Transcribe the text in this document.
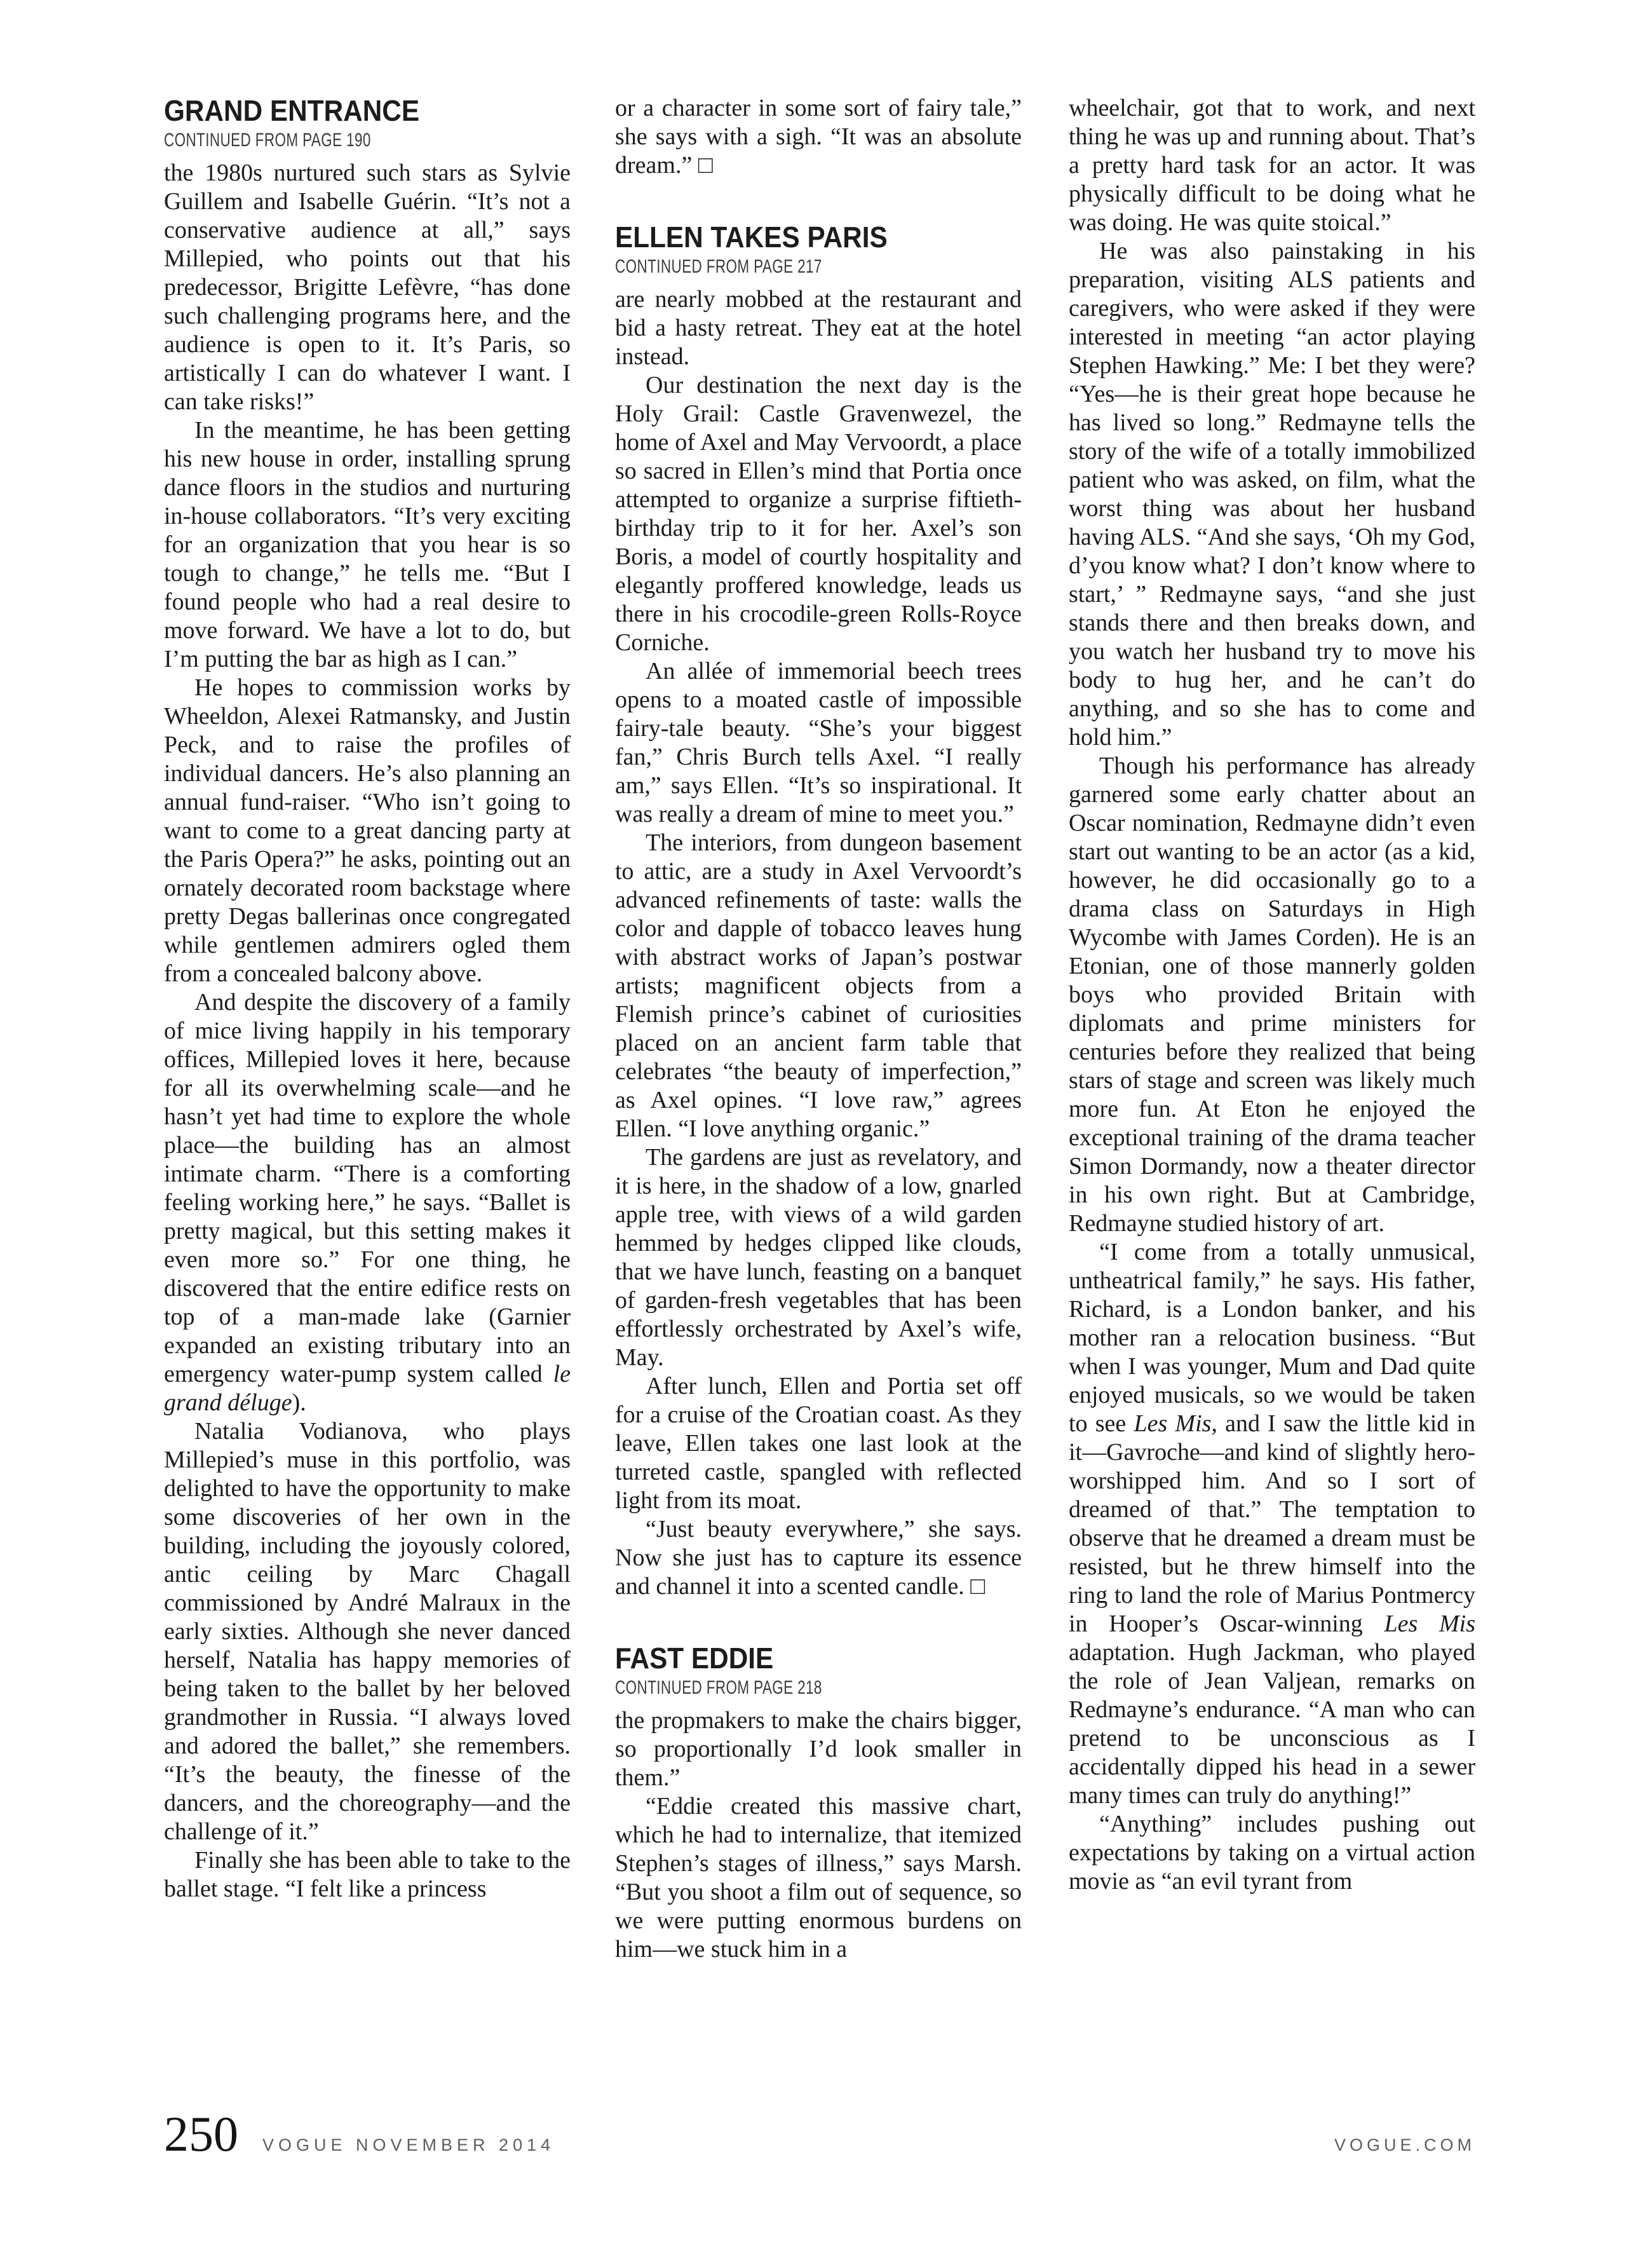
GRAND ENTRANCE
CONTINUED FROM PAGE 190

the 1980s nurtured such stars as Sylvie Guillem and Isabelle Guérin. “It’s not a conservative audience at all,” says Millepied, who points out that his predecessor, Brigitte Lefèvre, “has done such challenging programs here, and the audience is open to it. It’s Paris, so artistically I can do whatever I want. I can take risks!”

In the meantime, he has been getting his new house in order, installing sprung dance floors in the studios and nurturing in-house collaborators. “It’s very exciting for an organization that you hear is so tough to change,” he tells me. “But I found people who had a real desire to move forward. We have a lot to do, but I’m putting the bar as high as I can.”

He hopes to commission works by Wheeldon, Alexei Ratmansky, and Justin Peck, and to raise the profiles of individual dancers. He’s also planning an annual fund-raiser. “Who isn’t going to want to come to a great dancing party at the Paris Opera?” he asks, pointing out an ornately decorated room backstage where pretty Degas ballerinas once congregated while gentlemen admirers ogled them from a concealed balcony above.

And despite the discovery of a family of mice living happily in his temporary offices, Millepied loves it here, because for all its overwhelming scale—and he hasn’t yet had time to explore the whole place—the building has an almost intimate charm. “There is a comforting feeling working here,” he says. “Ballet is pretty magical, but this setting makes it even more so.” For one thing, he discovered that the entire edifice rests on top of a man-made lake (Garnier expanded an existing tributary into an emergency water-pump system called le grand déluge).

Natalia Vodianova, who plays Millepied’s muse in this portfolio, was delighted to have the opportunity to make some discoveries of her own in the building, including the joyously colored, antic ceiling by Marc Chagall commissioned by André Malraux in the early sixties. Although she never danced herself, Natalia has happy memories of being taken to the ballet by her beloved grandmother in Russia. “I always loved and adored the ballet,” she remembers. “It’s the beauty, the finesse of the dancers, and the choreography—and the challenge of it.”

Finally she has been able to take to the ballet stage. “I felt like a princess

or a character in some sort of fairy tale,” she says with a sigh. “It was an absolute dream.” □

ELLEN TAKES PARIS
CONTINUED FROM PAGE 217

are nearly mobbed at the restaurant and bid a hasty retreat. They eat at the hotel instead.

Our destination the next day is the Holy Grail: Castle Gravenwezel, the home of Axel and May Vervoordt, a place so sacred in Ellen’s mind that Portia once attempted to organize a surprise fiftieth-birthday trip to it for her. Axel’s son Boris, a model of courtly hospitality and elegantly proffered knowledge, leads us there in his crocodile-green Rolls-Royce Corniche.

An allée of immemorial beech trees opens to a moated castle of impossible fairy-tale beauty. “She’s your biggest fan,” Chris Burch tells Axel. “I really am,” says Ellen. “It’s so inspirational. It was really a dream of mine to meet you.”

The interiors, from dungeon basement to attic, are a study in Axel Vervoordt’s advanced refinements of taste: walls the color and dapple of tobacco leaves hung with abstract works of Japan’s postwar artists; magnificent objects from a Flemish prince’s cabinet of curiosities placed on an ancient farm table that celebrates “the beauty of imperfection,” as Axel opines. “I love raw,” agrees Ellen. “I love anything organic.”

The gardens are just as revelatory, and it is here, in the shadow of a low, gnarled apple tree, with views of a wild garden hemmed by hedges clipped like clouds, that we have lunch, feasting on a banquet of garden-fresh vegetables that has been effortlessly orchestrated by Axel’s wife, May.

After lunch, Ellen and Portia set off for a cruise of the Croatian coast. As they leave, Ellen takes one last look at the turreted castle, spangled with reflected light from its moat.

“Just beauty everywhere,” she says. Now she just has to capture its essence and channel it into a scented candle. □

FAST EDDIE
CONTINUED FROM PAGE 218

the propmakers to make the chairs bigger, so proportionally I’d look smaller in them.”

“Eddie created this massive chart, which he had to internalize, that itemized Stephen’s stages of illness,” says Marsh. “But you shoot a film out of sequence, so we were putting enormous burdens on him—we stuck him in a

wheelchair, got that to work, and next thing he was up and running about. That’s a pretty hard task for an actor. It was physically difficult to be doing what he was doing. He was quite stoical.”

He was also painstaking in his preparation, visiting ALS patients and caregivers, who were asked if they were interested in meeting “an actor playing Stephen Hawking.” Me: I bet they were? “Yes—he is their great hope because he has lived so long.” Redmayne tells the story of the wife of a totally immobilized patient who was asked, on film, what the worst thing was about her husband having ALS. “And she says, ‘Oh my God, d’you know what? I don’t know where to start,’ ” Redmayne says, “and she just stands there and then breaks down, and you watch her husband try to move his body to hug her, and he can’t do anything, and so she has to come and hold him.”

Though his performance has already garnered some early chatter about an Oscar nomination, Redmayne didn’t even start out wanting to be an actor (as a kid, however, he did occasionally go to a drama class on Saturdays in High Wycombe with James Corden). He is an Etonian, one of those mannerly golden boys who provided Britain with diplomats and prime ministers for centuries before they realized that being stars of stage and screen was likely much more fun. At Eton he enjoyed the exceptional training of the drama teacher Simon Dormandy, now a theater director in his own right. But at Cambridge, Redmayne studied history of art.

“I come from a totally unmusical, untheatrical family,” he says. His father, Richard, is a London banker, and his mother ran a relocation business. “But when I was younger, Mum and Dad quite enjoyed musicals, so we would be taken to see Les Mis, and I saw the little kid in it—Gavroche—and kind of slightly hero-worshipped him. And so I sort of dreamed of that.” The temptation to observe that he dreamed a dream must be resisted, but he threw himself into the ring to land the role of Marius Pontmercy in Hooper’s Oscar-winning Les Mis adaptation. Hugh Jackman, who played the role of Jean Valjean, remarks on Redmayne’s endurance. “A man who can pretend to be unconscious as I accidentally dipped his head in a sewer many times can truly do anything!”

“Anything” includes pushing out expectations by taking on a virtual action movie as “an evil tyrant from

250 VOGUE NOVEMBER 2014	VOGUE.COM
